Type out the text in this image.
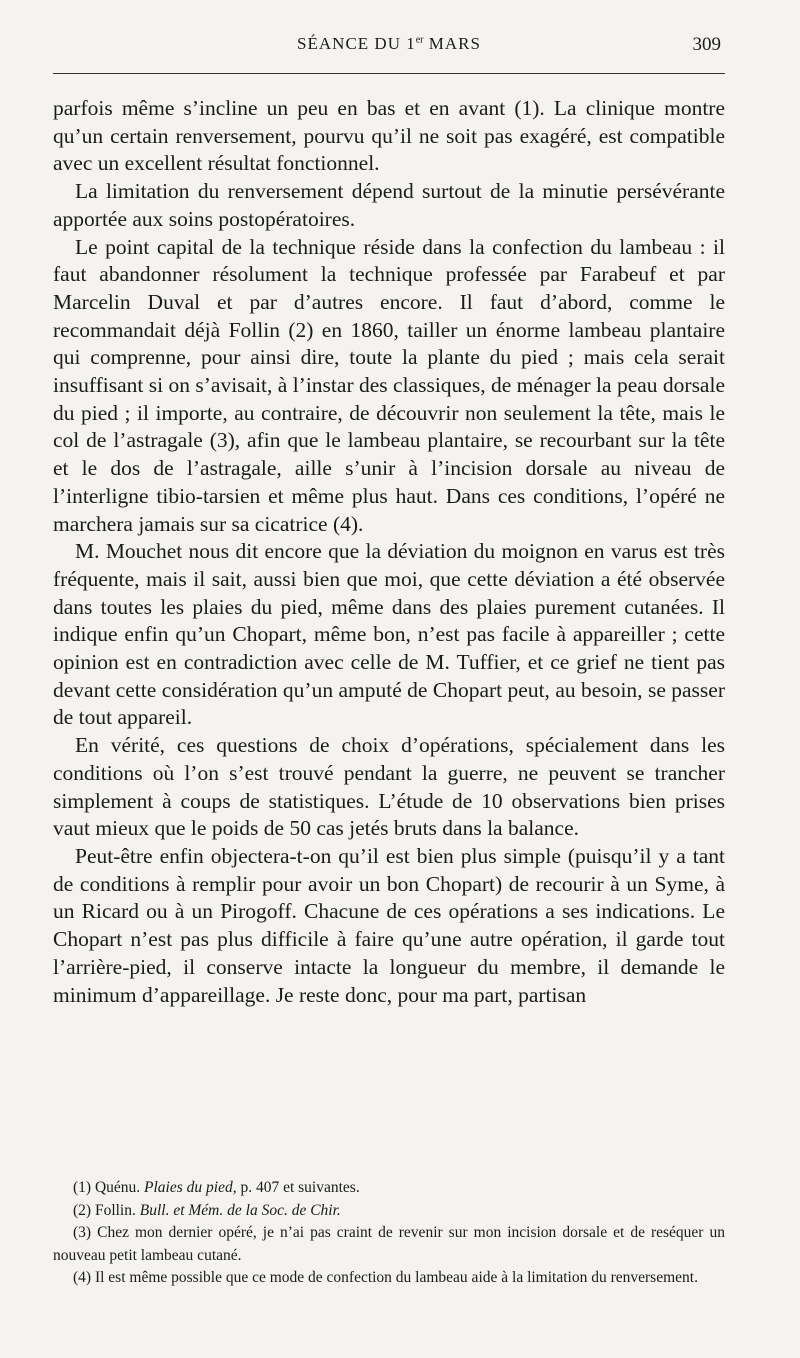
SÉANCE DU 1er MARS	309

parfois même s’incline un peu en bas et en avant (1). La clinique montre qu’un certain renversement, pourvu qu’il ne soit pas exagéré, est compatible avec un excellent résultat fonctionnel.

La limitation du renversement dépend surtout de la minutie persévérante apportée aux soins postopératoires.

Le point capital de la technique réside dans la confection du lambeau : il faut abandonner résolument la technique professée par Farabeuf et par Marcelin Duval et par d’autres encore. Il faut d’abord, comme le recommandait déjà Follin (2) en 1860, tailler un énorme lambeau plantaire qui comprenne, pour ainsi dire, toute la plante du pied ; mais cela serait insuffisant si on s’avisait, à l’instar des classiques, de ménager la peau dorsale du pied ; il importe, au contraire, de découvrir non seulement la tête, mais le col de l’astragale (3), afin que le lambeau plantaire, se recourbant sur la tête et le dos de l’astragale, aille s’unir à l’incision dorsale au niveau de l’interligne tibio-tarsien et même plus haut. Dans ces conditions, l’opéré ne marchera jamais sur sa cicatrice (4).

M. Mouchet nous dit encore que la déviation du moignon en varus est très fréquente, mais il sait, aussi bien que moi, que cette déviation a été observée dans toutes les plaies du pied, même dans des plaies purement cutanées. Il indique enfin qu’un Chopart, même bon, n’est pas facile à appareiller ; cette opinion est en contradiction avec celle de M. Tuffier, et ce grief ne tient pas devant cette considération qu’un amputé de Chopart peut, au besoin, se passer de tout appareil.

En vérité, ces questions de choix d’opérations, spécialement dans les conditions où l’on s’est trouvé pendant la guerre, ne peuvent se trancher simplement à coups de statistiques. L’étude de 10 observations bien prises vaut mieux que le poids de 50 cas jetés bruts dans la balance.

Peut-être enfin objectera-t-on qu’il est bien plus simple (puisqu’il y a tant de conditions à remplir pour avoir un bon Chopart) de recourir à un Syme, à un Ricard ou à un Pirogoff. Chacune de ces opérations a ses indications. Le Chopart n’est pas plus difficile à faire qu’une autre opération, il garde tout l’arrière-pied, il conserve intacte la longueur du membre, il demande le minimum d’appareillage. Je reste donc, pour ma part, partisan

(1) Quénu. Plaies du pied, p. 407 et suivantes.

(2) Follin. Bull. et Mém. de la Soc. de Chir.

(3) Chez mon dernier opéré, je n’ai pas craint de revenir sur mon incision dorsale et de reséquer un nouveau petit lambeau cutané.

(4) Il est même possible que ce mode de confection du lambeau aide à la limitation du renversement.
